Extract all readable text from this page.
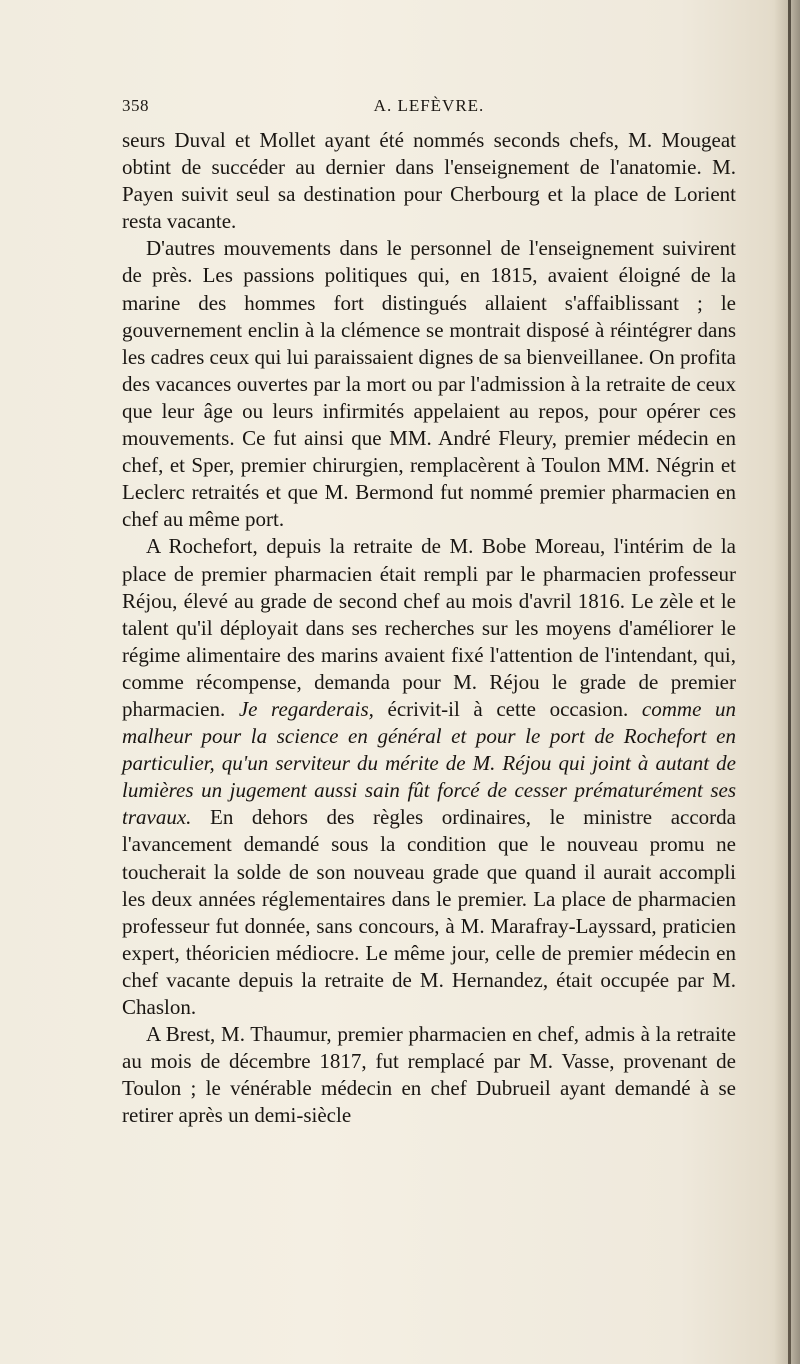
358	A. LEFÈVRE.

seurs Duval et Mollet ayant été nommés seconds chefs, M. Mougeat obtint de succéder au dernier dans l'enseignement de l'anatomie. M. Payen suivit seul sa destination pour Cherbourg et la place de Lorient resta vacante.

D'autres mouvements dans le personnel de l'enseignement suivirent de près. Les passions politiques qui, en 1815, avaient éloigné de la marine des hommes fort distingués allaient s'affaiblissant ; le gouvernement enclin à la clémence se montrait disposé à réintégrer dans les cadres ceux qui lui paraissaient dignes de sa bienveillanee. On profita des vacances ouvertes par la mort ou par l'admission à la retraite de ceux que leur âge ou leurs infirmités appelaient au repos, pour opérer ces mouvements. Ce fut ainsi que MM. André Fleury, premier médecin en chef, et Sper, premier chirurgien, remplacèrent à Toulon MM. Négrin et Leclerc retraités et que M. Bermond fut nommé premier pharmacien en chef au même port.

A Rochefort, depuis la retraite de M. Bobe Moreau, l'intérim de la place de premier pharmacien était rempli par le pharmacien professeur Réjou, élevé au grade de second chef au mois d'avril 1816. Le zèle et le talent qu'il déployait dans ses recherches sur les moyens d'améliorer le régime alimentaire des marins avaient fixé l'attention de l'intendant, qui, comme récompense, demanda pour M. Réjou le grade de premier pharmacien. Je regarderais, écrivit-il à cette occasion. comme un malheur pour la science en général et pour le port de Rochefort en particulier, qu'un serviteur du mérite de M. Réjou qui joint à autant de lumières un jugement aussi sain fût forcé de cesser prématurément ses travaux. En dehors des règles ordinaires, le ministre accorda l'avancement demandé sous la condition que le nouveau promu ne toucherait la solde de son nouveau grade que quand il aurait accompli les deux années réglementaires dans le premier. La place de pharmacien professeur fut donnée, sans concours, à M. Marafray-Layssard, praticien expert, théoricien médiocre. Le même jour, celle de premier médecin en chef vacante depuis la retraite de M. Hernandez, était occupée par M. Chaslon.

A Brest, M. Thaumur, premier pharmacien en chef, admis à la retraite au mois de décembre 1817, fut remplacé par M. Vasse, provenant de Toulon ; le vénérable médecin en chef Dubrueil ayant demandé à se retirer après un demi-siècle
